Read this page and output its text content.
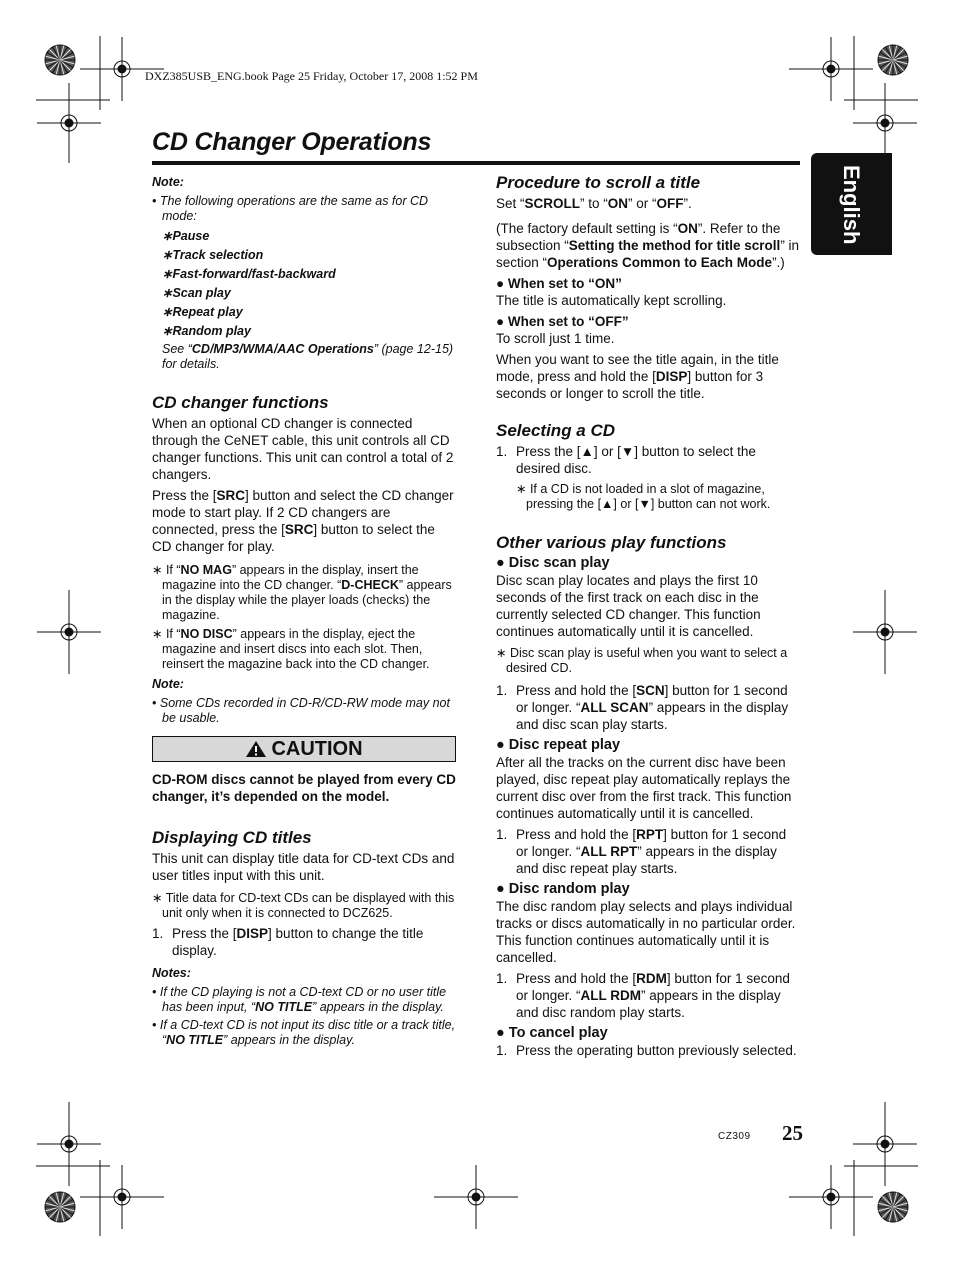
DXZ385USB_ENG.book Page 25 Friday, October 17, 2008 1:52 PM
CD Changer Operations
English
Note:
• The following operations are the same as for CD mode:
∗Pause
∗Track selection
∗Fast-forward/fast-backward
∗Scan play
∗Repeat play
∗Random play
See “CD/MP3/WMA/AAC Operations” (page 12-15) for details.
CD changer functions

When an optional CD changer is connected through the CeNET cable, this unit controls all CD changer functions. This unit can control a total of 2 changers.

Press the [SRC] button and select the CD changer mode to start play. If 2 CD changers are connected, press the [SRC] button to select the CD changer for play.

∗ If “NO MAG” appears in the display, insert the magazine into the CD changer. “D-CHECK” appears in the display while the player loads (checks) the magazine.
∗ If “NO DISC” appears in the display, eject the magazine and insert discs into each slot. Then, reinsert the magazine back into the CD changer.
Note:
• Some CDs recorded in CD-R/CD-RW mode may not be usable.
CAUTION

CD-ROM discs cannot be played from every CD changer, it’s depended on the model.

Displaying CD titles

This unit can display title data for CD-text CDs and user titles input with this unit.

∗ Title data for CD-text CDs can be displayed with this unit only when it is connected to DCZ625.
1. Press the [DISP] button to change the title display.
Notes:
• If the CD playing is not a CD-text CD or no user title has been input, “NO TITLE” appears in the display.
• If a CD-text CD is not input its disc title or a track title, “NO TITLE” appears in the display.
Procedure to scroll a title

Set “SCROLL” to “ON” or “OFF”.

(The factory default setting is “ON”. Refer to the subsection “Setting the method for title scroll” in section “Operations Common to Each Mode”.)

● When set to “ON”

The title is automatically kept scrolling.

● When set to “OFF”

To scroll just 1 time.

When you want to see the title again, in the title mode, press and hold the [DISP] button for 3 seconds or longer to scroll the title.

Selecting a CD
1. Press the [▲] or [▼] button to select the desired disc.
∗ If a CD is not loaded in a slot of magazine, pressing the [▲] or [▼] button can not work.
Other various play functions
● Disc scan play

Disc scan play locates and plays the first 10 seconds of the first track on each disc in the currently selected CD changer. This function continues automatically until it is cancelled.

∗ Disc scan play is useful when you want to select a desired CD.
1. Press and hold the [SCN] button for 1 second or longer. “ALL SCAN” appears in the display and disc scan play starts.
● Disc repeat play

After all the tracks on the current disc have been played, disc repeat play automatically replays the current disc over from the first track. This function continues automatically until it is cancelled.

1. Press and hold the [RPT] button for 1 second or longer. “ALL RPT” appears in the display and disc repeat play starts.
● Disc random play

The disc random play selects and plays individual tracks or discs automatically in no particular order. This function continues automatically until it is cancelled.

1. Press and hold the [RDM] button for 1 second or longer. “ALL RDM” appears in the display and disc random play starts.
● To cancel play
1. Press the operating button previously selected.
CZ309 25
